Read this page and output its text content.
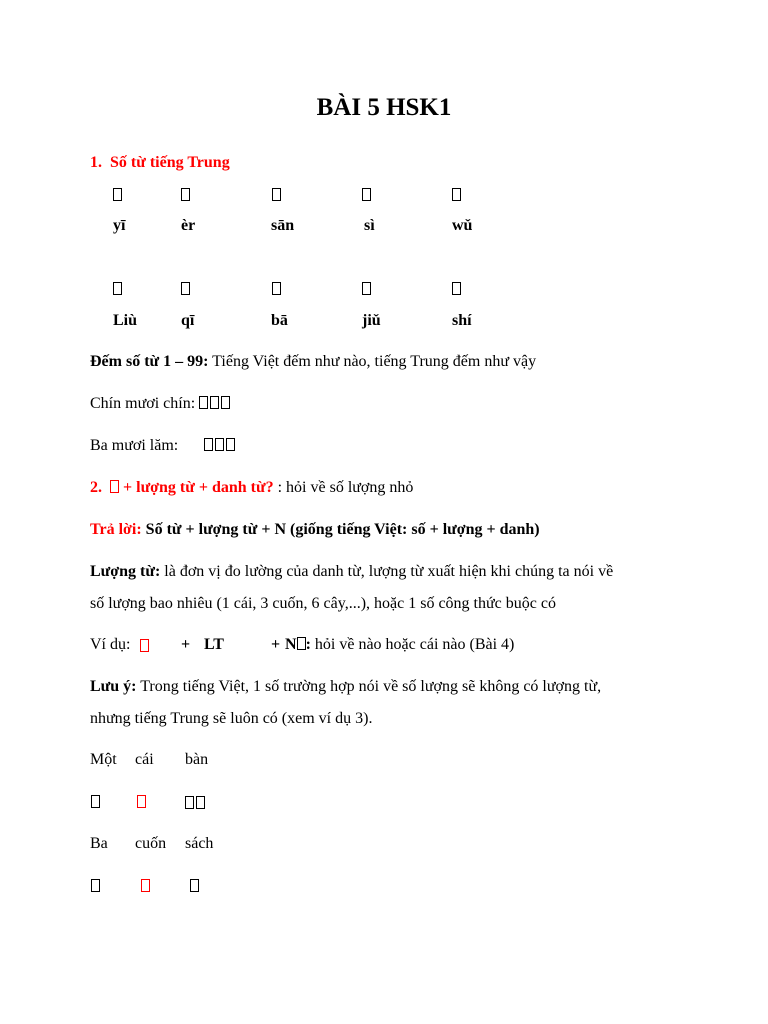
BÀI 5 HSK1
1. Số từ tiếng Trung
yī	èr	sān	sì	wǔ
Liù	qī	bā	jiǔ	shí
Đếm số từ 1 – 99: Tiếng Việt đếm như nào, tiếng Trung đếm như vậy
Chín mươi chín:
Ba mươi lăm:
2. + lượng từ + danh từ? : hỏi về số lượng nhỏ
Trả lời: Số từ + lượng từ + N (giống tiếng Việt: số + lượng + danh)
Lượng từ: là đơn vị đo lường của danh từ, lượng từ xuất hiện khi chúng ta nói về
số lượng bao nhiêu (1 cái, 3 cuốn, 6 cây,...), hoặc 1 số công thức buộc có
Ví dụ:	+ LT	+ N : hỏi về nào hoặc cái nào (Bài 4)
Lưu ý: Trong tiếng Việt, 1 số trường hợp nói về số lượng sẽ không có lượng từ,
nhưng tiếng Trung sẽ luôn có (xem ví dụ 3).
Một cái bàn
Ba cuốn sách
